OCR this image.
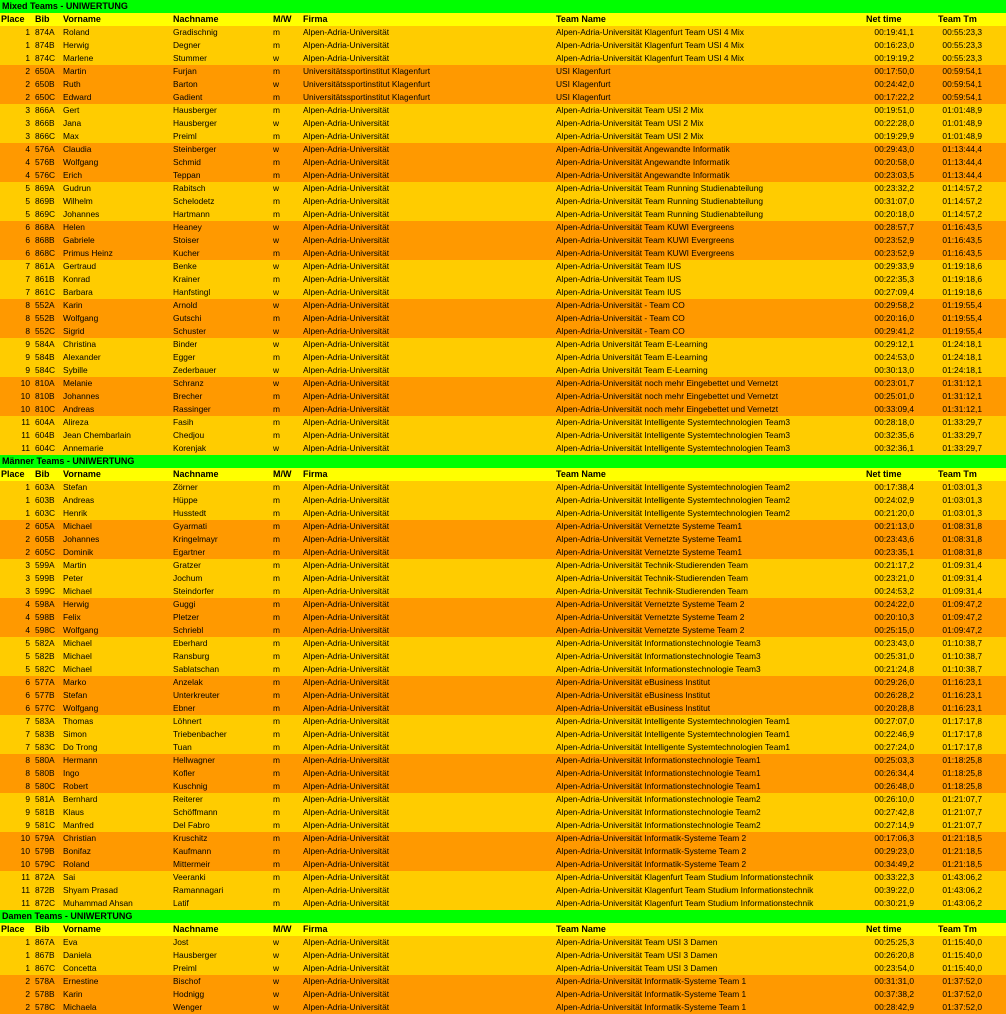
Mixed Teams - UNIWERTUNG
Place	Bib	Vorname	Nachname	M/W	Firma	Team Name	Net time	Team Tm
1 874A	Roland	Gradischnig	m	Alpen-Adria-Universität	Alpen-Adria-Universität Klagenfurt Team USI 4 Mix	00:19:41,1	00:55:23,3
1 874B	Herwig	Degner	m	Alpen-Adria-Universität	Alpen-Adria-Universität Klagenfurt Team USI 4 Mix	00:16:23,0	00:55:23,3
1 874C Marlene	Stummer	w	Alpen-Adria-Universität	Alpen-Adria-Universität Klagenfurt Team USI 4 Mix	00:19:19,2	00:55:23,3
2 650A	Martin	Furjan	m	Universitätssportinstitut Klagenfurt	USI Klagenfurt	00:17:50,0	00:59:54,1
2 650B	Ruth	Barton	w	Universitätssportinstitut Klagenfurt	USI Klagenfurt	00:24:42,0	00:59:54,1
2 650C Edward	Gadient	m	Universitätssportinstitut Klagenfurt	USI Klagenfurt	00:17:22,2	00:59:54,1
3 866A	Gert	Hausberger	m	Alpen-Adria-Universität	Alpen-Adria-Universität Team USI 2 Mix	00:19:51,0	01:01:48,9
3 866B	Jana	Hausberger	w	Alpen-Adria-Universität	Alpen-Adria-Universität Team USI 2 Mix	00:22:28,0	01:01:48,9
3 866C Max	Preiml	m	Alpen-Adria-Universität	Alpen-Adria-Universität Team USI 2 Mix	00:19:29,9	01:01:48,9
4 576A	Claudia	Steinberger	w	Alpen-Adria-Universität	Alpen-Adria-Universität Angewandte Informatik	00:29:43,0	01:13:44,4
4 576B	Wolfgang	Schmid	m	Alpen-Adria-Universität	Alpen-Adria-Universität Angewandte Informatik	00:20:58,0	01:13:44,4
4 576C Erich	Teppan	m	Alpen-Adria-Universität	Alpen-Adria-Universität Angewandte Informatik	00:23:03,5	01:13:44,4
5 869A	Gudrun	Rabitsch	w	Alpen-Adria-Universität	Alpen-Adria-Universität Team Running Studienabteilung	00:23:32,2	01:14:57,2
5 869B	Wilhelm	Schelodetz	m	Alpen-Adria-Universität	Alpen-Adria-Universität Team Running Studienabteilung	00:31:07,0	01:14:57,2
5 869C Johannes	Hartmann	m	Alpen-Adria-Universität	Alpen-Adria-Universität Team Running Studienabteilung	00:20:18,0	01:14:57,2
6 868A	Helen	Heaney	w	Alpen-Adria-Universität	Alpen-Adria-Universität Team KUWI Evergreens	00:28:57,7	01:16:43,5
6 868B	Gabriele	Stoiser	w	Alpen-Adria-Universität	Alpen-Adria-Universität Team KUWI Evergreens	00:23:52,9	01:16:43,5
6 868C Primus Heinz	Kucher	m	Alpen-Adria-Universität	Alpen-Adria-Universität Team KUWI Evergreens	00:23:52,9	01:16:43,5
7 861A	Gertraud	Benke	w	Alpen-Adria-Universität	Alpen-Adria-Universität Team IUS	00:29:33,9	01:19:18,6
7 861B	Konrad	Krainer	m	Alpen-Adria-Universität	Alpen-Adria-Universität Team IUS	00:22:35,3	01:19:18,6
7 861C Barbara	Hanfstingl	w	Alpen-Adria-Universität	Alpen-Adria-Universität Team IUS	00:27:09,4	01:19:18,6
8 552A	Karin	Arnold	w	Alpen-Adria-Universität	Alpen-Adria-Universität - Team CO	00:29:58,2	01:19:55,4
8 552B	Wolfgang	Gutschi	m	Alpen-Adria-Universität	Alpen-Adria-Universität - Team CO	00:20:16,0	01:19:55,4
8 552C Sigrid	Schuster	w	Alpen-Adria-Universität	Alpen-Adria-Universität - Team CO	00:29:41,2	01:19:55,4
9 584A	Christina	Binder	w	Alpen-Adria-Universität	Alpen-Adria Universität Team E-Learning	00:29:12,1	01:24:18,1
9 584B	Alexander	Egger	m	Alpen-Adria-Universität	Alpen-Adria Universität Team E-Learning	00:24:53,0	01:24:18,1
9 584C Sybille	Zederbauer	w	Alpen-Adria-Universität	Alpen-Adria Universität Team E-Learning	00:30:13,0	01:24:18,1
10 810A	Melanie	Schranz	w	Alpen-Adria-Universität	Alpen-Adria-Universität noch mehr Eingebettet und Vernetzt	00:23:01,7	01:31:12,1
10 810B	Johannes	Brecher	m	Alpen-Adria-Universität	Alpen-Adria-Universität noch mehr Eingebettet und Vernetzt	00:25:01,0	01:31:12,1
10 810C Andreas	Rassinger	m	Alpen-Adria-Universität	Alpen-Adria-Universität noch mehr Eingebettet und Vernetzt	00:33:09,4	01:31:12,1
11 604A	Alireza	Fasih	m	Alpen-Adria-Universität	Alpen-Adria-Universität Intelligente Systemtechnologien Team3	00:28:18,0	01:33:29,7
11 604B	Jean Chembarlain	Chedjou	m	Alpen-Adria-Universität	Alpen-Adria-Universität Intelligente Systemtechnologien Team3	00:32:35,6	01:33:29,7
11 604C Annemarie	Korenjak	w	Alpen-Adria-Universität	Alpen-Adria-Universität Intelligente Systemtechnologien Team3	00:32:36,1	01:33:29,7
Männer Teams - UNIWERTUNG
Place	Bib	Vorname	Nachname	M/W	Firma	Team Name	Net time	Team Tm
1 603A	Stefan	Zörner	m	Alpen-Adria-Universität	Alpen-Adria-Universität Intelligente Systemtechnologien Team2	00:17:38,4	01:03:01,3
1 603B	Andreas	Hüppe	m	Alpen-Adria-Universität	Alpen-Adria-Universität Intelligente Systemtechnologien Team2	00:24:02,9	01:03:01,3
1 603C Henrik	Husstedt	m	Alpen-Adria-Universität	Alpen-Adria-Universität Intelligente Systemtechnologien Team2	00:21:20,0	01:03:01,3
2 605A	Michael	Gyarmati	m	Alpen-Adria-Universität	Alpen-Adria-Universität Vernetzte Systeme Team1	00:21:13,0	01:08:31,8
2 605B	Johannes	Kringelmayr	m	Alpen-Adria-Universität	Alpen-Adria-Universität Vernetzte Systeme Team1	00:23:43,6	01:08:31,8
2 605C Dominik	Egartner	m	Alpen-Adria-Universität	Alpen-Adria-Universität Vernetzte Systeme Team1	00:23:35,1	01:08:31,8
3 599A	Martin	Gratzer	m	Alpen-Adria-Universität	Alpen-Adria-Universität Technik-Studierenden Team	00:21:17,2	01:09:31,4
3 599B	Peter	Jochum	m	Alpen-Adria-Universität	Alpen-Adria-Universität Technik-Studierenden Team	00:23:21,0	01:09:31,4
3 599C Michael	Steindorfer	m	Alpen-Adria-Universität	Alpen-Adria-Universität Technik-Studierenden Team	00:24:53,2	01:09:31,4
4 598A	Herwig	Guggi	m	Alpen-Adria-Universität	Alpen-Adria-Universität Vernetzte Systeme Team 2	00:24:22,0	01:09:47,2
4 598B	Felix	Pletzer	m	Alpen-Adria-Universität	Alpen-Adria-Universität Vernetzte Systeme Team 2	00:20:10,3	01:09:47,2
4 598C Wolfgang	Schriebl	m	Alpen-Adria-Universität	Alpen-Adria-Universität Vernetzte Systeme Team 2	00:25:15,0	01:09:47,2
5 582A	Michael	Eberhard	m	Alpen-Adria-Universität	Alpen-Adria-Universität Informationstechnologie Team3	00:23:43,0	01:10:38,7
5 582B	Michael	Ransburg	m	Alpen-Adria-Universität	Alpen-Adria-Universität Informationstechnologie Team3	00:25:31,0	01:10:38,7
5 582C Michael	Sablatschan	m	Alpen-Adria-Universität	Alpen-Adria-Universität Informationstechnologie Team3	00:21:24,8	01:10:38,7
6 577A	Marko	Anzelak	m	Alpen-Adria-Universität	Alpen-Adria-Universität eBusiness Institut	00:29:26,0	01:16:23,1
6 577B	Stefan	Unterkreuter	m	Alpen-Adria-Universität	Alpen-Adria-Universität eBusiness Institut	00:26:28,2	01:16:23,1
6 577C Wolfgang	Ebner	m	Alpen-Adria-Universität	Alpen-Adria-Universität eBusiness Institut	00:20:28,8	01:16:23,1
7 583A	Thomas	Löhnert	m	Alpen-Adria-Universität	Alpen-Adria-Universität Intelligente Systemtechnologien Team1	00:27:07,0	01:17:17,8
7 583B	Simon	Triebenbacher	m	Alpen-Adria-Universität	Alpen-Adria-Universität Intelligente Systemtechnologien Team1	00:22:46,9	01:17:17,8
7 583C Do Trong	Tuan	m	Alpen-Adria-Universität	Alpen-Adria-Universität Intelligente Systemtechnologien Team1	00:27:24,0	01:17:17,8
8 580A	Hermann	Hellwagner	m	Alpen-Adria-Universität	Alpen-Adria-Universität Informationstechnologie Team1	00:25:03,3	01:18:25,8
8 580B	Ingo	Kofler	m	Alpen-Adria-Universität	Alpen-Adria-Universität Informationstechnologie Team1	00:26:34,4	01:18:25,8
8 580C Robert	Kuschnig	m	Alpen-Adria-Universität	Alpen-Adria-Universität Informationstechnologie Team1	00:26:48,0	01:18:25,8
9 581A	Bernhard	Reiterer	m	Alpen-Adria-Universität	Alpen-Adria-Universität Informationstechnologie Team2	00:26:10,0	01:21:07,7
9 581B	Klaus	Schöffmann	m	Alpen-Adria-Universität	Alpen-Adria-Universität Informationstechnologie Team2	00:27:42,8	01:21:07,7
9 581C Manfred	Del Fabro	m	Alpen-Adria-Universität	Alpen-Adria-Universität Informationstechnologie Team2	00:27:14,9	01:21:07,7
10 579A	Christian	Kruschitz	m	Alpen-Adria-Universität	Alpen-Adria-Universität Informatik-Systeme Team 2	00:17:06,3	01:21:18,5
10 579B	Bonifaz	Kaufmann	m	Alpen-Adria-Universität	Alpen-Adria-Universität Informatik-Systeme Team 2	00:29:23,0	01:21:18,5
10 579C Roland	Mittermeir	m	Alpen-Adria-Universität	Alpen-Adria-Universität Informatik-Systeme Team 2	00:34:49,2	01:21:18,5
11 872A	Sai	Veeranki	m	Alpen-Adria-Universität	Alpen-Adria-Universität Klagenfurt Team Studium Informationstechnik	00:33:22,3	01:43:06,2
11 872B	Shyam Prasad	Ramannagari	m	Alpen-Adria-Universität	Alpen-Adria-Universität Klagenfurt Team Studium Informationstechnik	00:39:22,0	01:43:06,2
11 872C Muhammad Ahsan	Latif	m	Alpen-Adria-Universität	Alpen-Adria-Universität Klagenfurt Team Studium Informationstechnik	00:30:21,9	01:43:06,2
Damen Teams - UNIWERTUNG
Place	Bib	Vorname	Nachname	M/W	Firma	Team Name	Net time	Team Tm
1 867A	Eva	Jost	w	Alpen-Adria-Universität	Alpen-Adria-Universität Team USI 3 Damen	00:25:25,3	01:15:40,0
1 867B	Daniela	Hausberger	w	Alpen-Adria-Universität	Alpen-Adria-Universität Team USI 3 Damen	00:26:20,8	01:15:40,0
1 867C Concetta	Preiml	w	Alpen-Adria-Universität	Alpen-Adria-Universität Team USI 3 Damen	00:23:54,0	01:15:40,0
2 578A	Ernestine	Bischof	w	Alpen-Adria-Universität	Alpen-Adria-Universität Informatik-Systeme Team 1	00:31:31,0	01:37:52,0
2 578B	Karin	Hodnigg	w	Alpen-Adria-Universität	Alpen-Adria-Universität Informatik-Systeme Team 1	00:37:38,2	01:37:52,0
2 578C Michaela	Wenger	w	Alpen-Adria-Universität	Alpen-Adria-Universität Informatik-Systeme Team 1	00:28:42,9	01:37:52,0
